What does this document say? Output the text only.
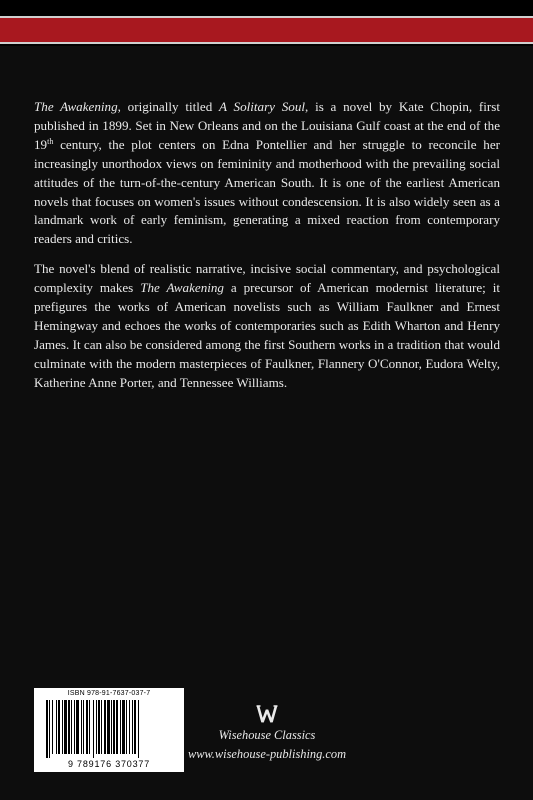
The Awakening, originally titled A Solitary Soul, is a novel by Kate Chopin, first published in 1899. Set in New Orleans and on the Louisiana Gulf coast at the end of the 19th century, the plot centers on Edna Pontellier and her struggle to reconcile her increasingly unorthodox views on femininity and motherhood with the prevailing social attitudes of the turn-of-the-century American South. It is one of the earliest American novels that focuses on women's issues without condescension. It is also widely seen as a landmark work of early feminism, generating a mixed reaction from contemporary readers and critics.

The novel's blend of realistic narrative, incisive social commentary, and psychological complexity makes The Awakening a precursor of American modernist literature; it prefigures the works of American novelists such as William Faulkner and Ernest Hemingway and echoes the works of contemporaries such as Edith Wharton and Henry James. It can also be considered among the first Southern works in a tradition that would culminate with the modern masterpieces of Faulkner, Flannery O'Connor, Eudora Welty, Katherine Anne Porter, and Tennessee Williams.

ISBN 978-91-7637-037-7
9 789176 370377
Wisehouse Classics
www.wisehouse-publishing.com
